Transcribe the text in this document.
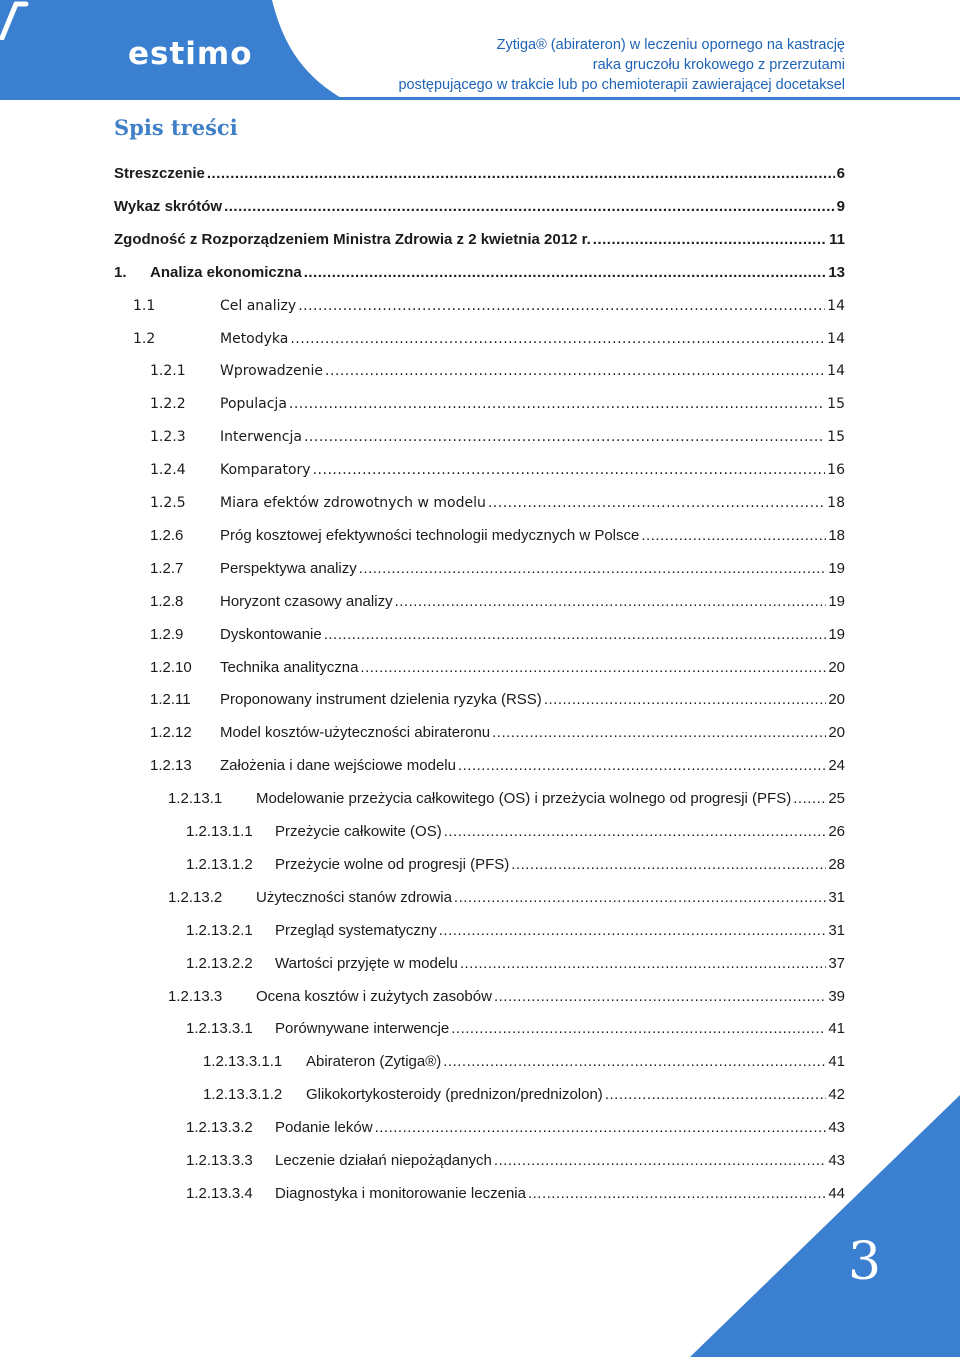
estimo	Zytiga® (abirateron) w leczeniu opornego na kastrację
raka gruczołu krokowego z przerzutami
postępującego w trakcie lub po chemioterapii zawierającej docetaksel
Spis treści
Streszczenie .....	6
Wykaz skrótów .....	9
Zgodność z Rozporządzeniem Ministra Zdrowia z 2 kwietnia 2012 r. .....	11
1.	Analiza ekonomiczna .....	13
1.1	Cel analizy .....	14
1.2	Metodyka .....	14
1.2.1	Wprowadzenie .....	14
1.2.2	Populacja .....	15
1.2.3	Interwencja .....	15
1.2.4	Komparatory .....	16
1.2.5	Miara efektów zdrowotnych w modelu .....	18
1.2.6	Próg kosztowej efektywności technologii medycznych w Polsce .....	18
1.2.7	Perspektywa analizy .....	19
1.2.8	Horyzont czasowy analizy .....	19
1.2.9	Dyskontowanie .....	19
1.2.10	Technika analityczna .....	20
1.2.11	Proponowany instrument dzielenia ryzyka (RSS) .....	20
1.2.12	Model kosztów-użyteczności abirateronu .....	20
1.2.13	Założenia i dane wejściowe modelu .....	24
1.2.13.1	Modelowanie przeżycia całkowitego (OS) i przeżycia wolnego od progresji (PFS) ..... 25
1.2.13.1.1	Przeżycie całkowite (OS) .....	26
1.2.13.1.2	Przeżycie wolne od progresji (PFS) .....	28
1.2.13.2	Użyteczności stanów zdrowia .....	31
1.2.13.2.1	Przegląd systematyczny .....	31
1.2.13.2.2	Wartości przyjęte w modelu .....	37
1.2.13.3	Ocena kosztów i zużytych zasobów .....	39
1.2.13.3.1	Porównywane interwencje .....	41
1.2.13.3.1.1	Abirateron (Zytiga®) .....	41
1.2.13.3.1.2	Glikokortykosteroidy (prednizon/prednizolon) .....	42
1.2.13.3.2	Podanie leków .....	43
1.2.13.3.3	Leczenie działań niepożądanych .....	43
1.2.13.3.4	Diagnostyka i monitorowanie leczenia .....	44
3
